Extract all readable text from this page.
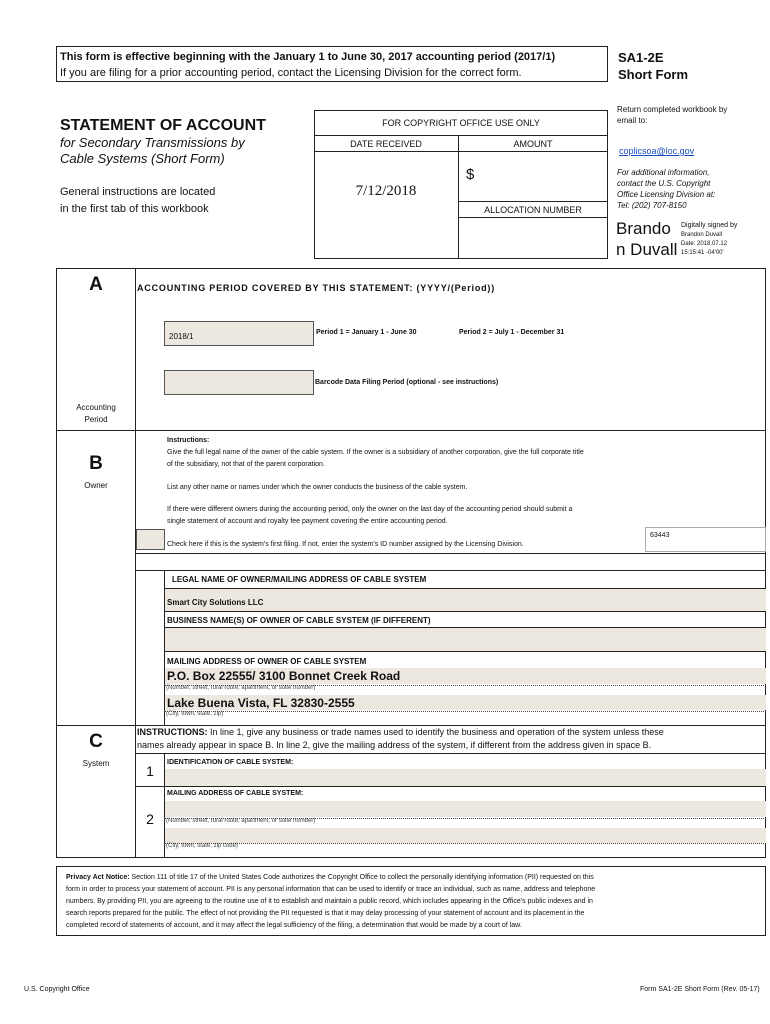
This form is effective beginning with the January 1 to June 30, 2017 accounting period (2017/1)
If you are filing for a prior accounting period, contact the Licensing Division for the correct form.
SA1-2E
Short Form
Return completed workbook by email to:
coplicsoa@loc.gov
For additional information,
contact the U.S. Copyright
Office Licensing Division at:
Tel: (202) 707-8150
STATEMENT OF ACCOUNT
for Secondary Transmissions by
Cable Systems (Short Form)
General instructions are located
in the first tab of this workbook
FOR COPYRIGHT OFFICE USE ONLY
DATE RECEIVED	AMOUNT
7/12/2018
$
ALLOCATION NUMBER
Brando
n Duvall
Digitally signed by
Brandon Duvall
Date: 2018.07.12
15:15:41 -04'00'
A
Accounting
Period
ACCOUNTING PERIOD COVERED BY THIS STATEMENT: (YYYY/(Period))
2018/1	Period 1 = January 1 - June 30	Period 2 = July 1 - December 31
Barcode Data Filing Period (optional - see instructions)
B
Owner
Instructions:
Give the full legal name of the owner of the cable system. If the owner is a subsidiary of another corporation, give the full corporate title
of the subsidiary, not that of the parent corporation.
List any other name or names under which the owner conducts the business of the cable system.
If there were different owners during the accounting period, only the owner on the last day of the accounting period should submit a
single statement of account and royalty fee payment covering the entire accounting period.
Check here if this is the system's first filing. If not, enter the system's ID number assigned by the Licensing Division.
63443
LEGAL NAME OF OWNER/MAILING ADDRESS OF CABLE SYSTEM
Smart City Solutions LLC
BUSINESS NAME(S) OF OWNER OF CABLE SYSTEM (IF DIFFERENT)
MAILING ADDRESS OF OWNER OF CABLE SYSTEM
P.O. Box 22555/ 3100 Bonnet Creek Road
(Number, street, rural route, apartment, or suite number)
Lake Buena Vista, FL 32830-2555
(City, town, state, zip)
C
System
INSTRUCTIONS: In line 1, give any business or trade names used to identify the business and operation of the system unless these
names already appear in space B. In line 2, give the mailing address of the system, if different from the address given in space B.
1
IDENTIFICATION OF CABLE SYSTEM:
MAILING ADDRESS OF CABLE SYSTEM:
2	(Number, street, rural route, apartment, or suite number)
(City, town, state, zip code)
Privacy Act Notice: Section 111 of title 17 of the United States Code authorizes the Copyright Office to collect the personally identifying information (PII) requested on this
form in order to process your statement of account. PII is any personal information that can be used to identify or trace an individual, such as name, address and telephone
numbers. By providing PII, you are agreeing to the routine use of it to establish and maintain a public record, which includes appearing in the Office's public indexes and in
search reports prepared for the public. The effect of not providing the PII requested is that it may delay processing of your statement of account and its placement in the
completed record of statements of account, and it may affect the legal sufficiency of the filing, a determination that would be made by a court of law.
U.S. Copyright Office	Form SA1-2E Short Form (Rev. 05-17)
